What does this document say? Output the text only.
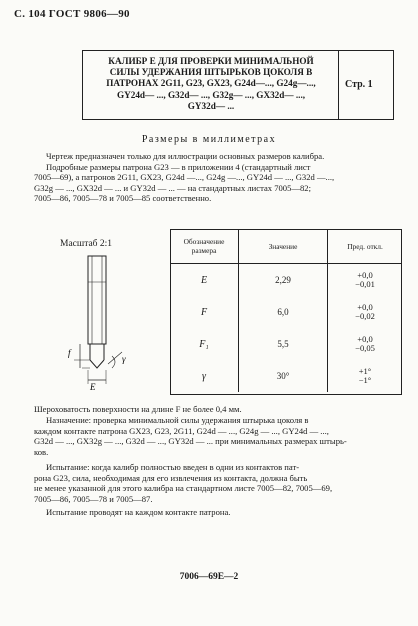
С. 104 ГОСТ 9806—90
КАЛИБР Е ДЛЯ ПРОВЕРКИ МИНИМАЛЬНОЙ
СИЛЫ УДЕРЖАНИЯ ШТЫРЬКОВ ЦОКОЛЯ В
ПАТРОНАХ 2G11, G23, GX23, G24d—..., G24g—...,
GY24d— ..., G32d— ..., G32g— ..., GX32d— ...,
GY32d— ...
Стр. 1
Размеры в миллиметрах
Чертеж предназначен только для иллюстрации основных размеров калибра.
Подробные размеры патрона G23 — в приложении 4 (стандартный лист
7005—69), а патронов 2G11, GX23, G24d —..., G24g —..., GY24d — ..., G32d —...,
G32g — ..., GX32d — ... и GY32d — ... — на стандартных листах 7005—82;
7005—86, 7005—78 и 7005—85 соответственно.
Масштаб 2:1
f
E
γ
Обозначение размера	Значение	Пред. откл.
E	2,29	+0,0
−0,01

F	6,0	+0,0
−0,02

F₁	5,5	+0,0
−0,05

γ	30°	+1°
−1°
Шероховатость поверхности на длине F не более 0,4 мм.
Назначение: проверка минимальной силы удержания штырька цоколя в
каждом контакте патрона GX23, G23, 2G11, G24d — ..., G24g — ..., GY24d — ...,
G32d — ..., GX32g — ..., G32d — ..., GY32d — ... при минимальных размерах штырь-
ков.
Испытание: когда калибр полностью введен в одни из контактов пат-
рона G23, сила, необходимая для его извлечения из контакта, должна быть
не менее указанной для этого калибра на стандартном листе 7005—82, 7005—69,
7005—86, 7005—78 и 7005—87.
Испытание проводят на каждом контакте патрона.
7006—69Е—2
